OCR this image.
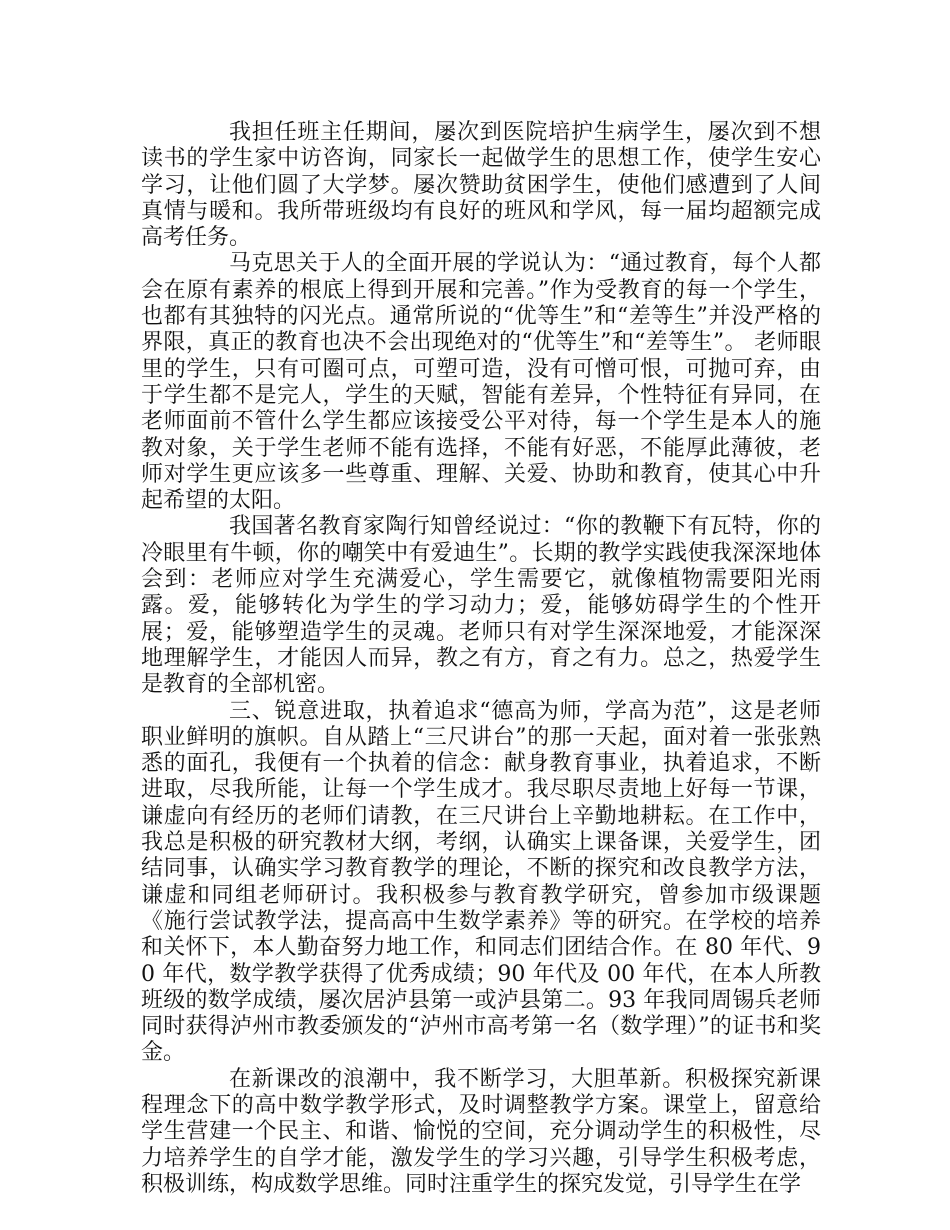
我担任班主任期间，屡次到医院培护生病学生，屡次到不想读书的学生家中访咨询，同家长一起做学生的思想工作，使学生安心学习，让他们圆了大学梦。屡次赞助贫困学生，使他们感遭到了人间真情与暖和。我所带班级均有良好的班风和学风，每一届均超额完成高考任务。

马克思关于人的全面开展的学说认为：“通过教育，每个人都会在原有素养的根底上得到开展和完善。”作为受教育的每一个学生，也都有其独特的闪光点。通常所说的“优等生”和“差等生”并没严格的界限，真正的教育也决不会出现绝对的“优等生”和“差等生”。 老师眼里的学生，只有可圈可点，可塑可造，没有可憎可恨，可抛可弃，由于学生都不是完人，学生的天赋，智能有差异，个性特征有异同，在老师面前不管什么学生都应该接受公平对待，每一个学生是本人的施教对象，关于学生老师不能有选择，不能有好恶，不能厚此薄彼，老师对学生更应该多一些尊重、理解、关爱、协助和教育，使其心中升起希望的太阳。

我国著名教育家陶行知曾经说过：“你的教鞭下有瓦特，你的冷眼里有牛顿，你的嘲笑中有爱迪生”。长期的教学实践使我深深地体会到：老师应对学生充满爱心，学生需要它，就像植物需要阳光雨露。爱，能够转化为学生的学习动力；爱，能够妨碍学生的个性开展；爱，能够塑造学生的灵魂。老师只有对学生深深地爱，才能深深地理解学生，才能因人而异，教之有方，育之有力。总之，热爱学生是教育的全部机密。

三、锐意进取，执着追求“德高为师，学高为范”，这是老师职业鲜明的旗帜。自从踏上“三尺讲台”的那一天起，面对着一张张熟悉的面孔，我便有一个执着的信念：献身教育事业，执着追求，不断进取，尽我所能，让每一个学生成才。我尽职尽责地上好每一节课，谦虚向有经历的老师们请教，在三尺讲台上辛勤地耕耘。在工作中，我总是积极的研究教材大纲，考纲，认确实上课备课，关爱学生，团结同事，认确实学习教育教学的理论，不断的探究和改良教学方法，谦虚和同组老师研讨。我积极参与教育教学研究，曾参加市级课题《施行尝试教学法，提高高中生数学素养》等的研究。在学校的培养和关怀下，本人勤奋努力地工作，和同志们团结合作。在 80 年代、90 年代，数学教学获得了优秀成绩；90 年代及 00 年代，在本人所教班级的数学成绩，屡次居泸县第一或泸县第二。93 年我同周锡兵老师同时获得泸州市教委颁发的“泸州市高考第一名（数学理）”的证书和奖金。

在新课改的浪潮中，我不断学习，大胆革新。积极探究新课程理念下的高中数学教学形式，及时调整教学方案。课堂上，留意给学生营建一个民主、和谐、愉悦的空间，充分调动学生的积极性，尽力培养学生的自学才能，激发学生的学习兴趣，引导学生积极考虑，积极训练，构成数学思维。同时注重学生的探究发觉，引导学生在学
